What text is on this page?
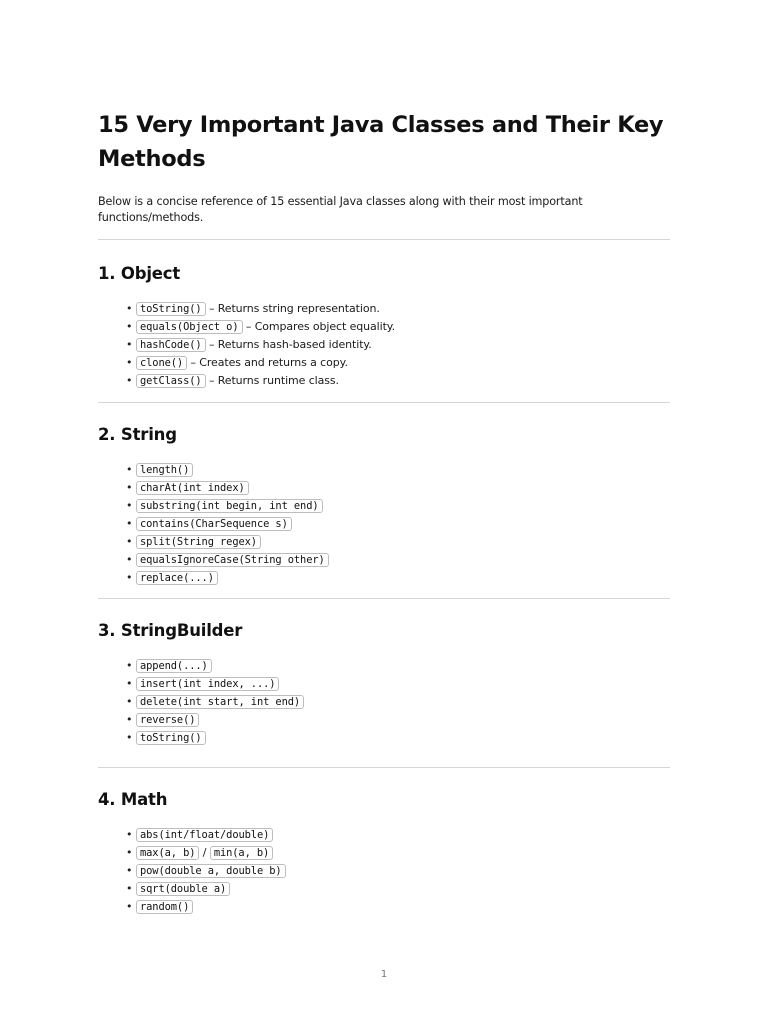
15 Very Important Java Classes and Their Key
Methods

Below is a concise reference of 15 essential Java classes along with their most important functions/methods.

1. Object
• toString() – Returns string representation.
• equals(Object o) – Compares object equality.
• hashCode() – Returns hash-based identity.
• clone() – Creates and returns a copy.
• getClass() – Returns runtime class.
2. String
• length()
• charAt(int index)
• substring(int begin, int end)
• contains(CharSequence s)
• split(String regex)
• equalsIgnoreCase(String other)
• replace(...)
3. StringBuilder
• append(...)
• insert(int index, ...)
• delete(int start, int end)
• reverse()
• toString()
4. Math
• abs(int/float/double)
• max(a, b) / min(a, b)
• pow(double a, double b)
• sqrt(double a)
• random()
1
